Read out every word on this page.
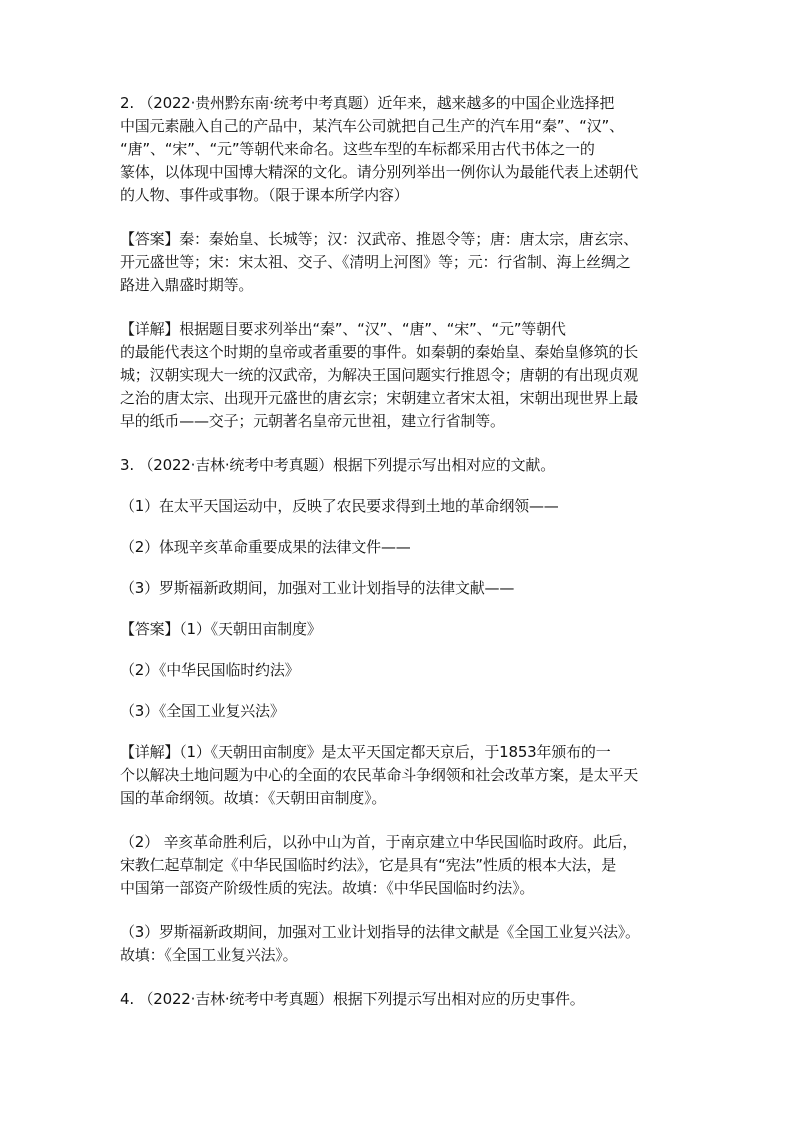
2. （2022·贵州黔东南·统考中考真题）近年来，越来越多的中国企业选择把
中国元素融入自己的产品中，某汽车公司就把自己生产的汽车用“秦”、“汉”、
“唐”、“宋”、“元”等朝代来命名。这些车型的车标都采用古代书体之一的
篆体，以体现中国博大精深的文化。请分别列举出一例你认为最能代表上述朝代
的人物、事件或事物。（限于课本所学内容）
【答案】秦：秦始皇、长城等；汉：汉武帝、推恩令等；唐：唐太宗，唐玄宗、
开元盛世等；宋：宋太祖、交子、《清明上河图》等；元：行省制、海上丝绸之
路进入鼎盛时期等。
【详解】根据题目要求列举出“秦”、“汉”、“唐”、“宋”、“元”等朝代
的最能代表这个时期的皇帝或者重要的事件。如秦朝的秦始皇、秦始皇修筑的长
城；汉朝实现大一统的汉武帝，为解决王国问题实行推恩令；唐朝的有出现贞观
之治的唐太宗、出现开元盛世的唐玄宗；宋朝建立者宋太祖，宋朝出现世界上最
早的纸币——交子；元朝著名皇帝元世祖，建立行省制等。
3. （2022·吉林·统考中考真题）根据下列提示写出相对应的文献。
（1）在太平天国运动中，反映了农民要求得到土地的革命纲领——
（2）体现辛亥革命重要成果的法律文件——
（3）罗斯福新政期间，加强对工业计划指导的法律文献——
【答案】（1）《天朝田亩制度》
（2）《中华民国临时约法》
（3）《全国工业复兴法》
【详解】（1）《天朝田亩制度》是太平天国定都天京后，于1853年颁布的一
个以解决土地问题为中心的全面的农民革命斗争纲领和社会改革方案，是太平天
国的革命纲领。故填：《天朝田亩制度》。
（2） 辛亥革命胜利后，以孙中山为首，于南京建立中华民国临时政府。此后，
宋教仁起草制定《中华民国临时约法》，它是具有“宪法”性质的根本大法，是
中国第一部资产阶级性质的宪法。故填：《中华民国临时约法》。
（3）罗斯福新政期间，加强对工业计划指导的法律文献是《全国工业复兴法》。
故填：《全国工业复兴法》。
4. （2022·吉林·统考中考真题）根据下列提示写出相对应的历史事件。
